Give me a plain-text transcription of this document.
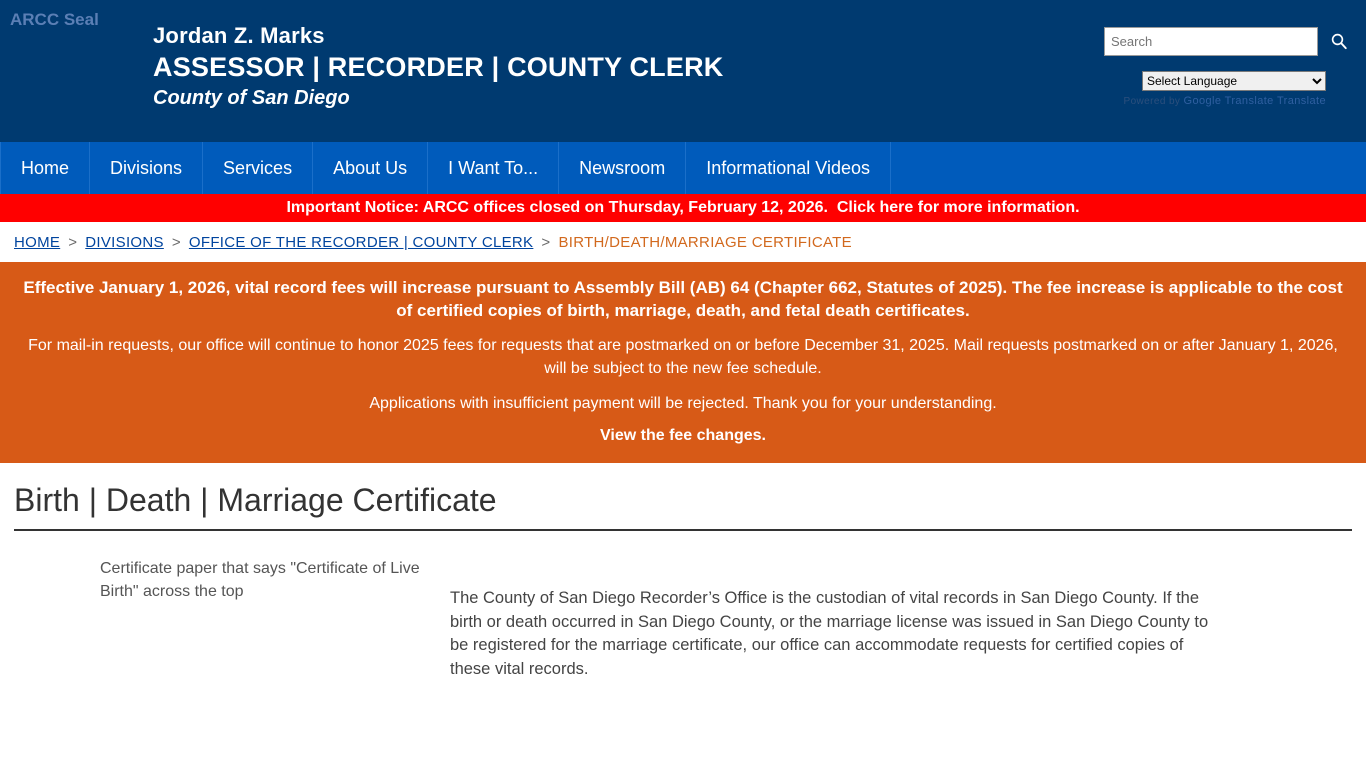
ARCC Seal
Jordan Z. Marks
ASSESSOR | RECORDER | COUNTY CLERK
County of San Diego
Search
Select Language	Powered by Google Translate Translate
Home	Divisions	Services	About Us	I Want To...	Newsroom	Informational Videos
Important Notice: ARCC offices closed on Thursday, February 12, 2026.  Click here for more information.
HOME > DIVISIONS > OFFICE OF THE RECORDER | COUNTY CLERK > BIRTH/DEATH/MARRIAGE CERTIFICATE

Effective January 1, 2026, vital record fees will increase pursuant to Assembly Bill (AB) 64 (Chapter 662, Statutes of 2025). The fee increase is applicable to the cost of certified copies of birth, marriage, death, and fetal death certificates.

For mail-in requests, our office will continue to honor 2025 fees for requests that are postmarked on or before December 31, 2025. Mail requests postmarked on or after January 1, 2026, will be subject to the new fee schedule.

Applications with insufficient payment will be rejected. Thank you for your understanding.

View the fee changes.
Birth | Death | Marriage Certificate
Certificate paper that says "Certificate of Live Birth" across the top	The County of San Diego Recorder’s Office is the custodian of vital records in San Diego County. If the birth or death occurred in San Diego County, or the marriage license was issued in San Diego County to be registered for the marriage certificate, our office can accommodate requests for certified copies of these vital records.
